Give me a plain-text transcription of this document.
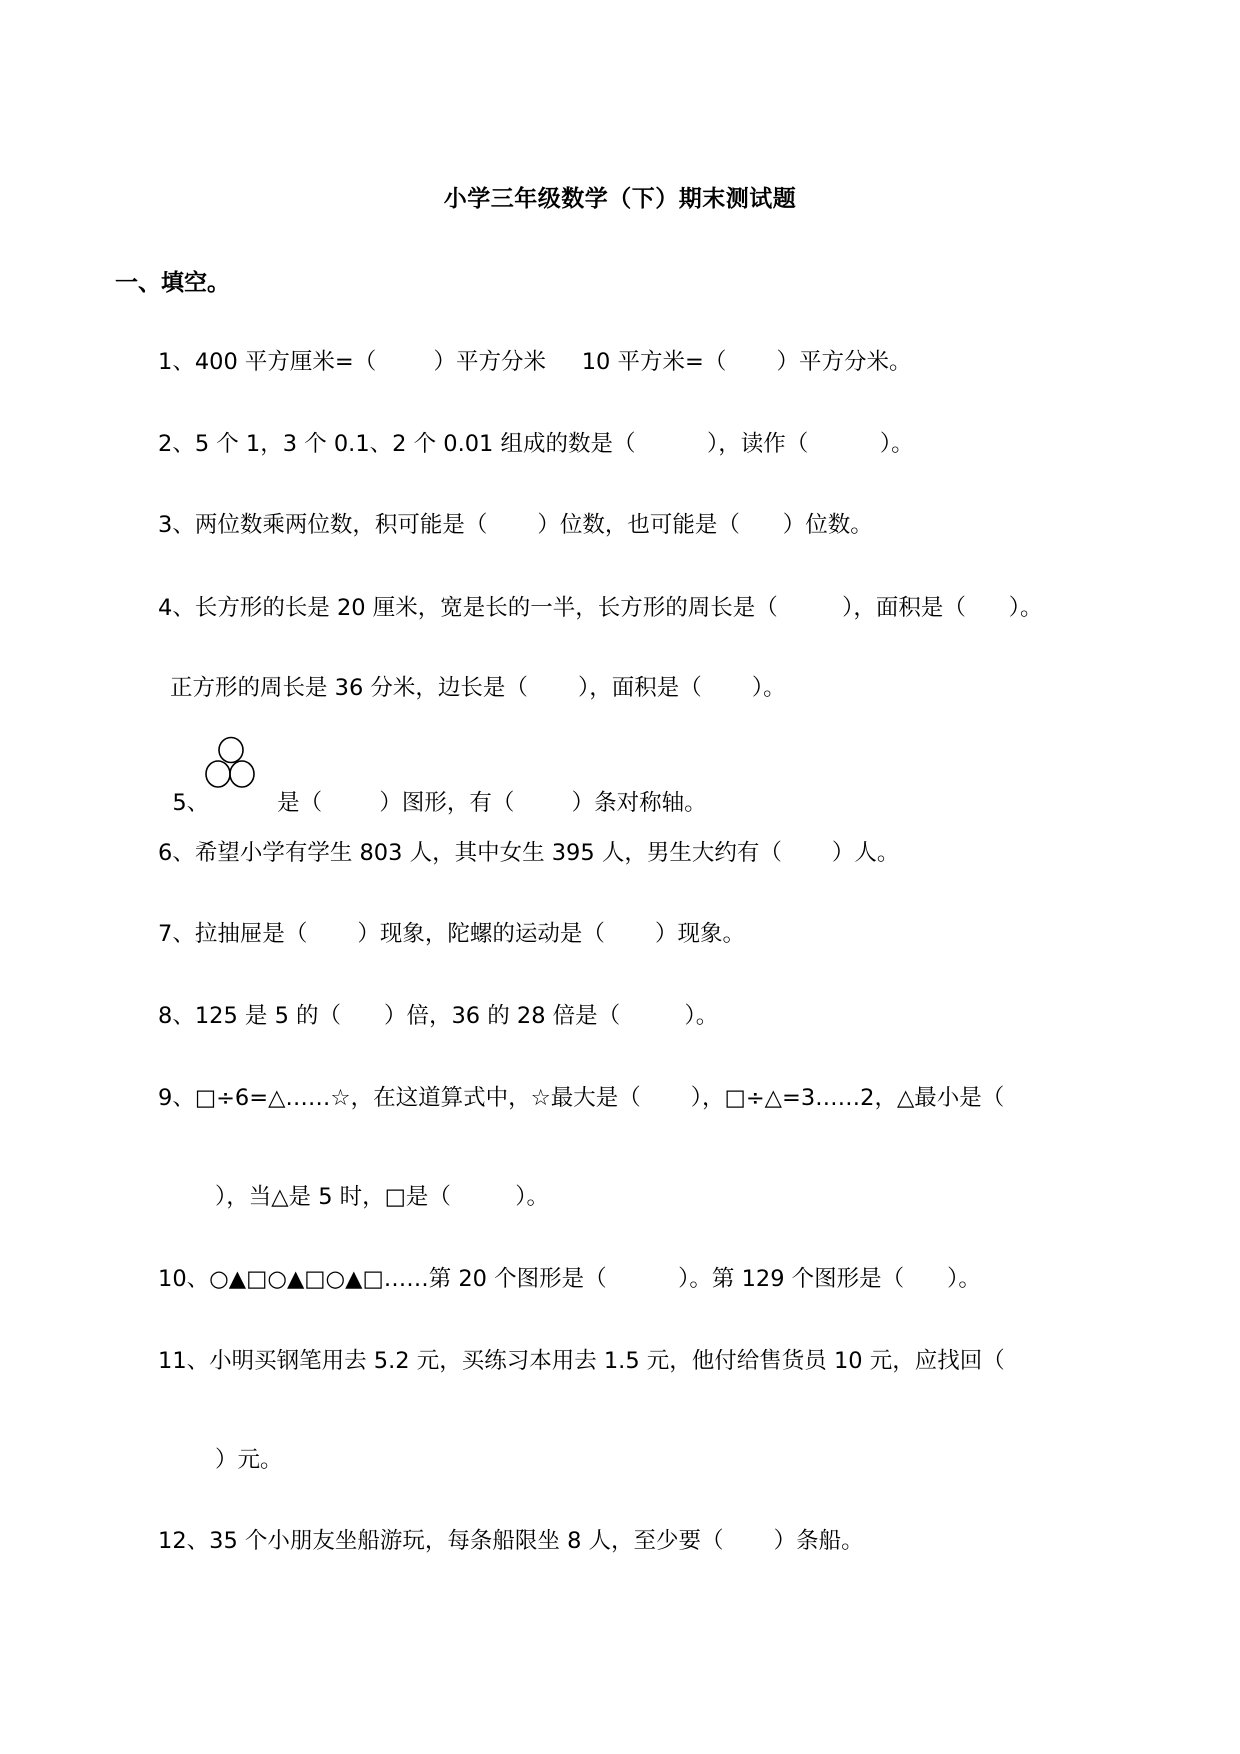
小学三年级数学（下）期末测试题
一、填空。
1、400 平方厘米=（        ）平方分米     10 平方米=（       ）平方分米。
2、5 个 1，3 个 0.1、2 个 0.01 组成的数是（          ），读作（          ）。
3、两位数乘两位数，积可能是（       ）位数，也可能是（      ）位数。
4、长方形的长是 20 厘米，宽是长的一半，长方形的周长是（         ），面积是（      ）。
正方形的周长是 36 分米，边长是（       ），面积是（       ）。

5、	是（        ）图形，有（        ）条对称轴。

6、希望小学有学生 803 人，其中女生 395 人，男生大约有（       ）人。
7、拉抽屉是（       ）现象，陀螺的运动是（       ）现象。
8、125 是 5 的（      ）倍，36 的 28 倍是（         ）。
9、□÷6=△……☆，在这道算式中，☆最大是（       ），□÷△=3……2，△最小是（
），当△是 5 时，□是（         ）。
10、○▲□○▲□○▲□……第 20 个图形是（          ）。第 129 个图形是（      ）。
11、小明买钢笔用去 5.2 元，买练习本用去 1.5 元，他付给售货员 10 元，应找回（
）元。
12、35 个小朋友坐船游玩，每条船限坐 8 人，至少要（       ）条船。
